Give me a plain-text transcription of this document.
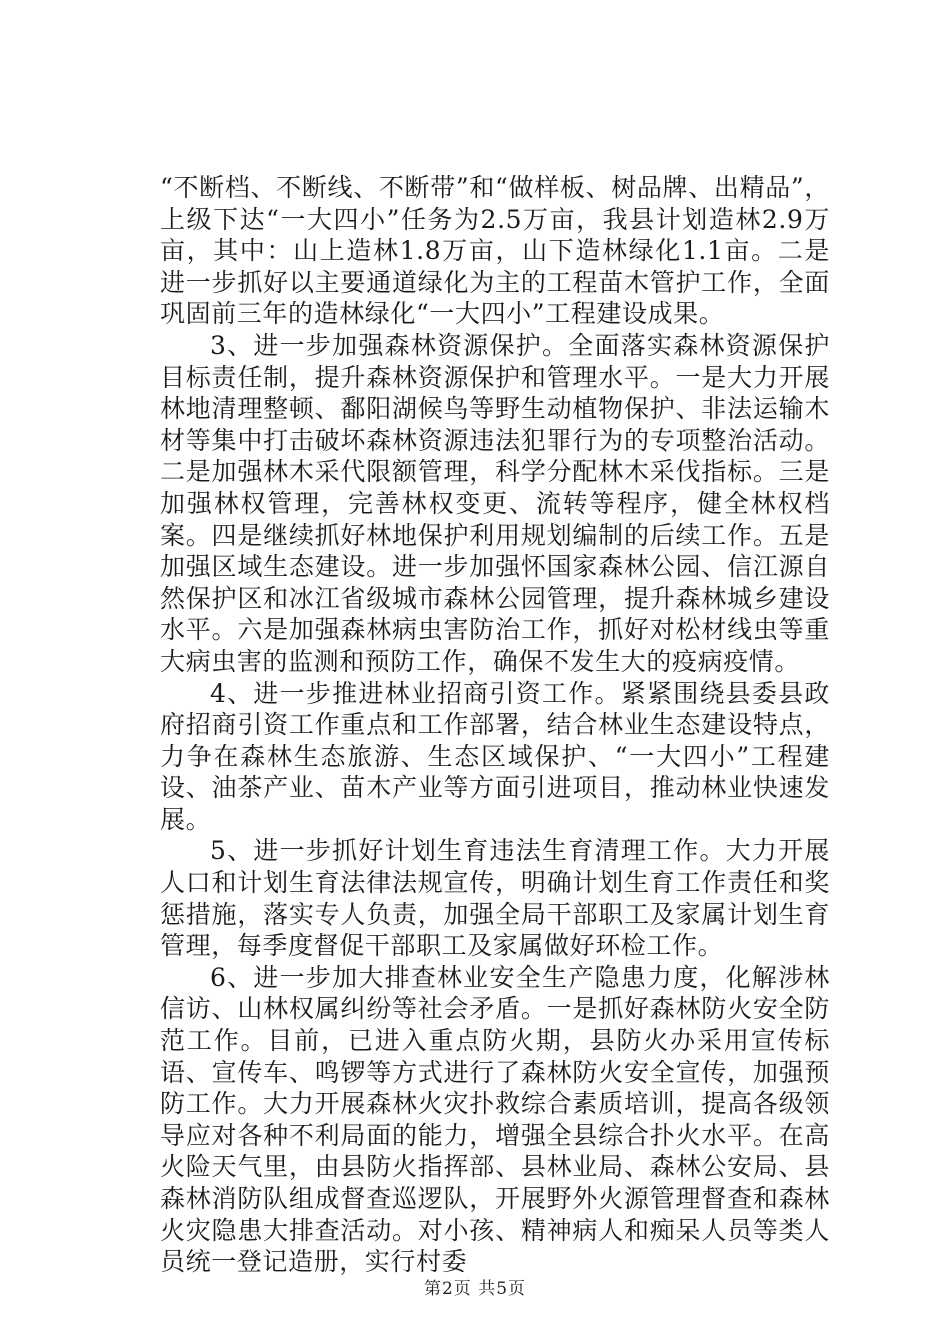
“不断档、不断线、不断带”和“做样板、树品牌、出精品”，上级下达“一大四小”任务为2.5万亩，我县计划造林2.9万亩，其中：山上造林1.8万亩，山下造林绿化1.1亩。二是进一步抓好以主要通道绿化为主的工程苗木管护工作，全面巩固前三年的造林绿化“一大四小”工程建设成果。

3、进一步加强森林资源保护。全面落实森林资源保护目标责任制，提升森林资源保护和管理水平。一是大力开展林地清理整顿、鄱阳湖候鸟等野生动植物保护、非法运输木材等集中打击破坏森林资源违法犯罪行为的专项整治活动。二是加强林木采代限额管理，科学分配林木采伐指标。三是加强林权管理，完善林权变更、流转等程序，健全林权档案。四是继续抓好林地保护利用规划编制的后续工作。五是加强区域生态建设。进一步加强怀国家森林公园、信江源自然保护区和冰江省级城市森林公园管理，提升森林城乡建设水平。六是加强森林病虫害防治工作，抓好对松材线虫等重大病虫害的监测和预防工作，确保不发生大的疫病疫情。

4、进一步推进林业招商引资工作。紧紧围绕县委县政府招商引资工作重点和工作部署，结合林业生态建设特点，力争在森林生态旅游、生态区域保护、“一大四小”工程建设、油茶产业、苗木产业等方面引进项目，推动林业快速发展。

5、进一步抓好计划生育违法生育清理工作。大力开展人口和计划生育法律法规宣传，明确计划生育工作责任和奖惩措施，落实专人负责，加强全局干部职工及家属计划生育管理，每季度督促干部职工及家属做好环检工作。

6、进一步加大排查林业安全生产隐患力度，化解涉林信访、山林权属纠纷等社会矛盾。一是抓好森林防火安全防范工作。目前，已进入重点防火期，县防火办采用宣传标语、宣传车、鸣锣等方式进行了森林防火安全宣传，加强预防工作。大力开展森林火灾扑救综合素质培训，提高各级领导应对各种不利局面的能力，增强全县综合扑火水平。在高火险天气里，由县防火指挥部、县林业局、森林公安局、县森林消防队组成督查巡逻队，开展野外火源管理督查和森林火灾隐患大排查活动。对小孩、精神病人和痴呆人员等类人员统一登记造册，实行村委

第2页 共5页
